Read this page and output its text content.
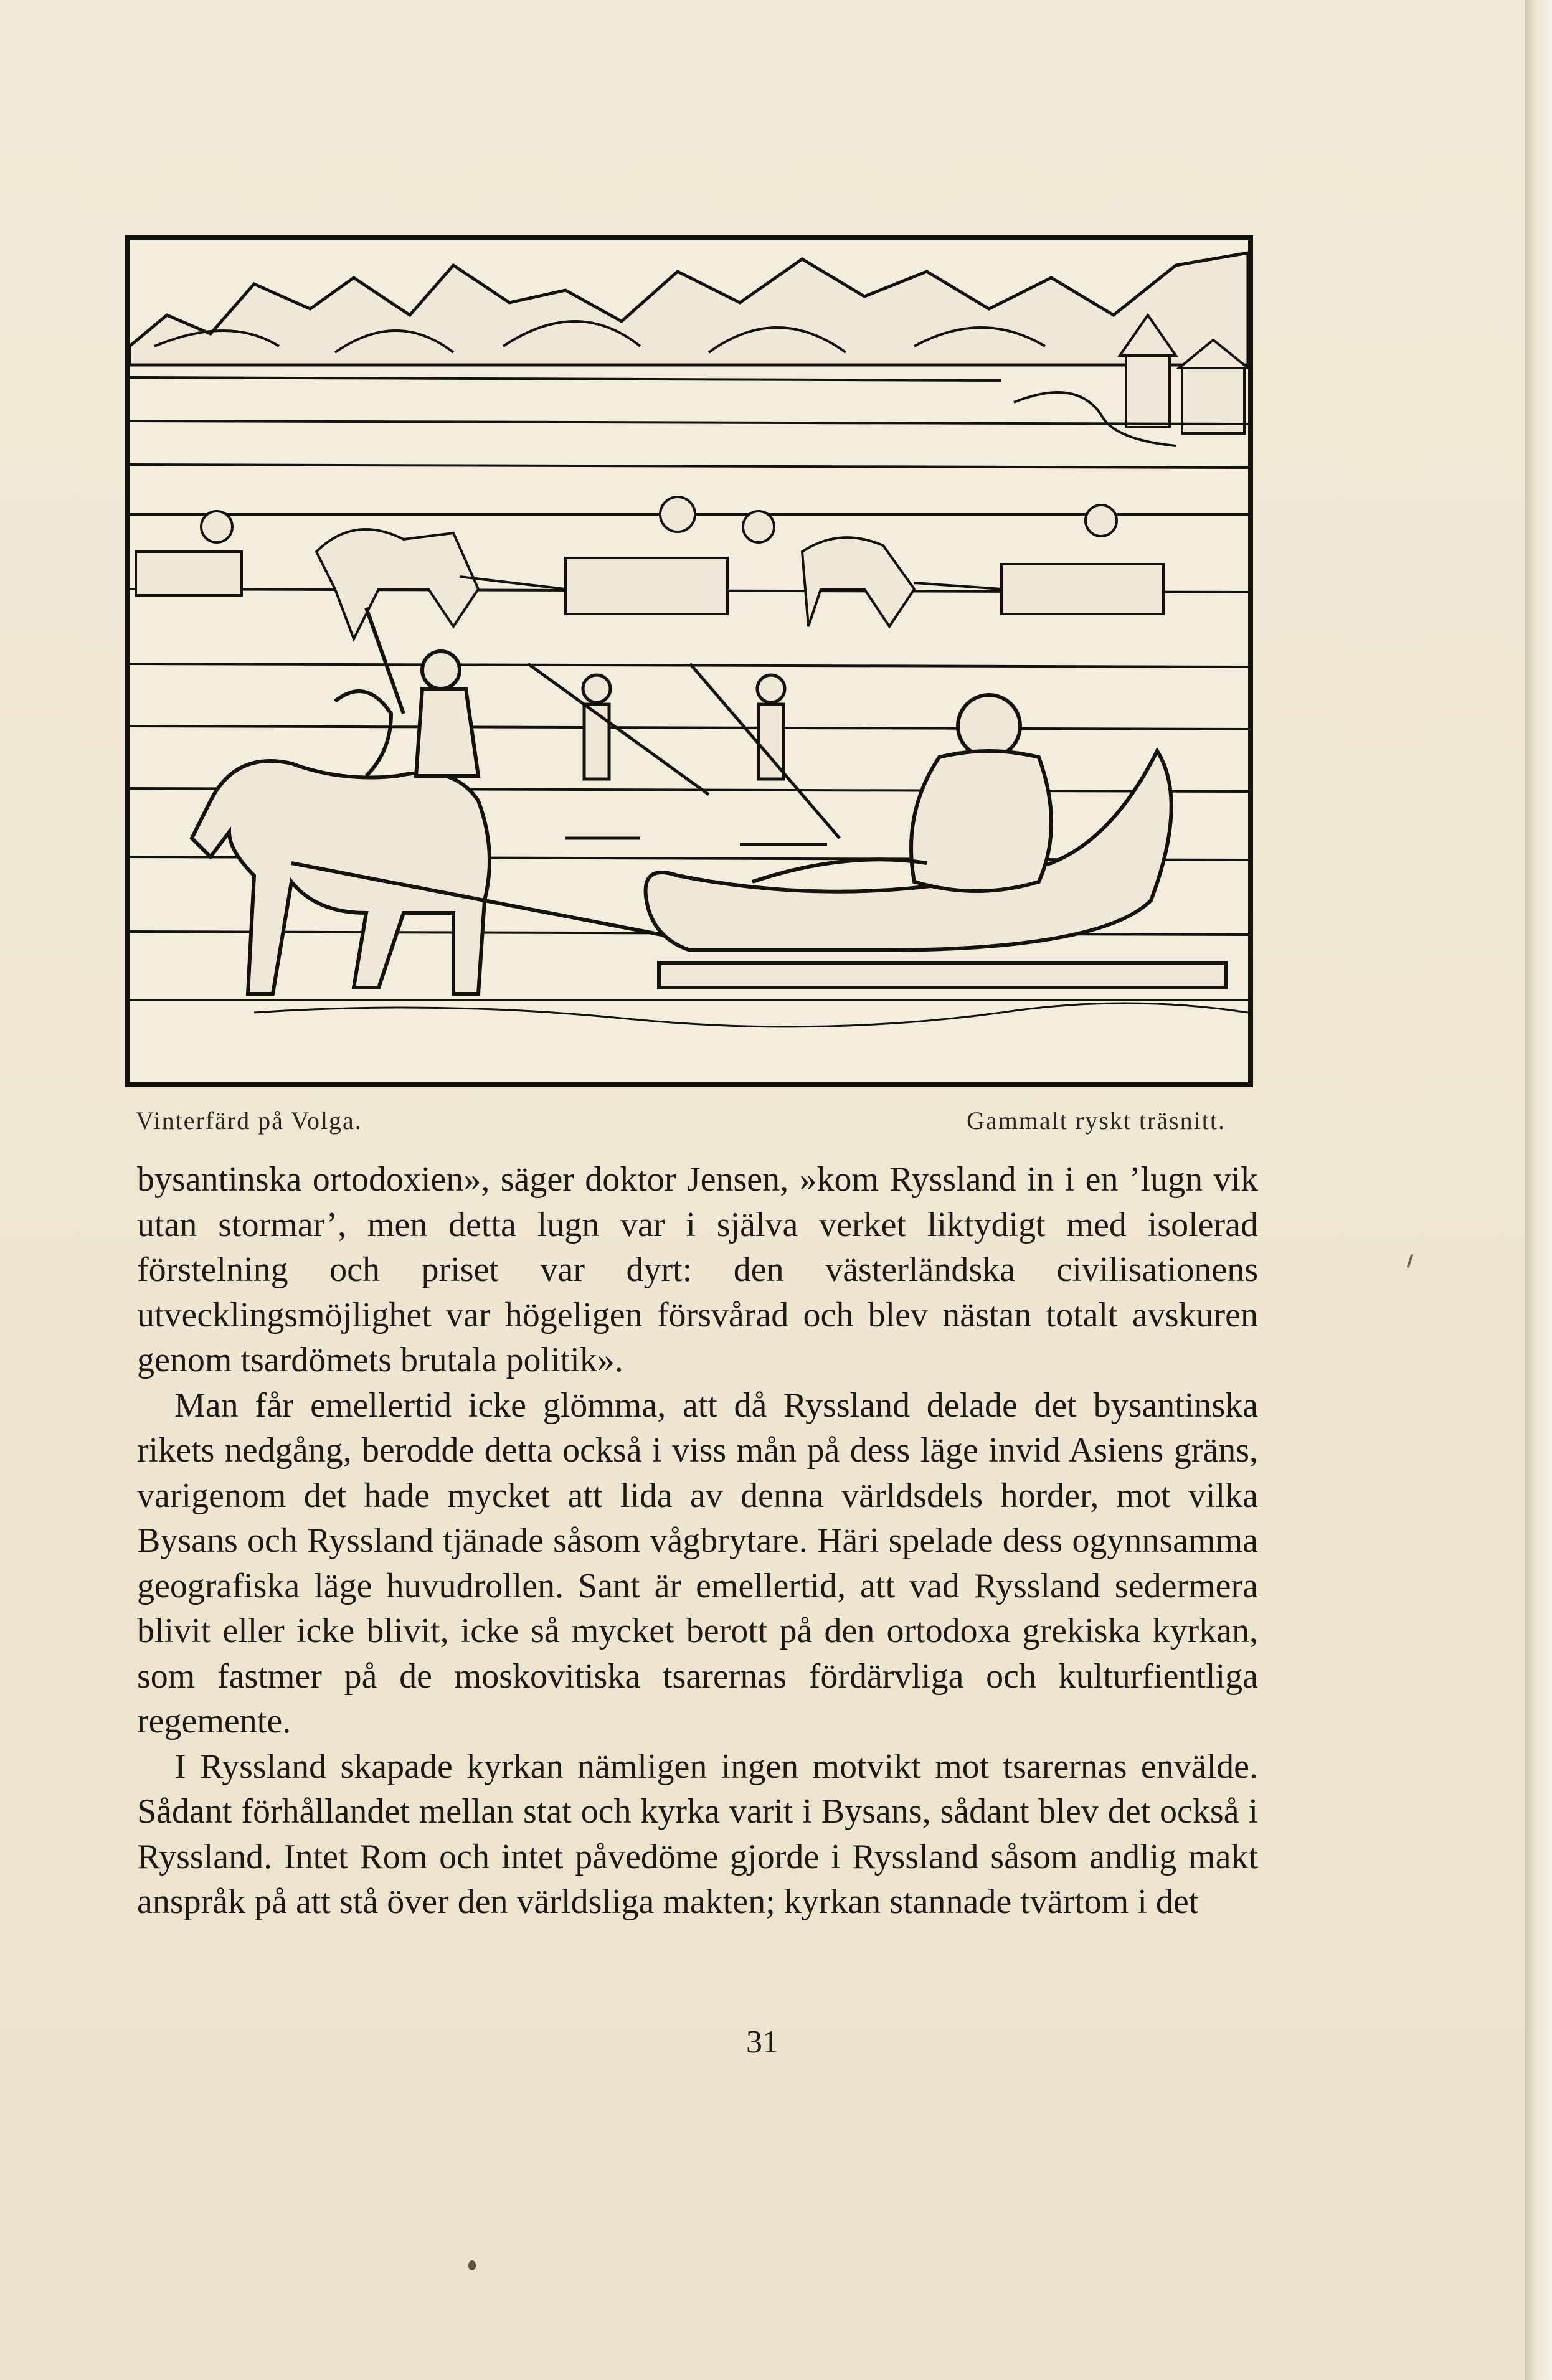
Vinterfärd på Volga.	Gammalt ryskt träsnitt.

bysantinska ortodoxien», säger doktor Jensen, »kom Ryssland in i en ’lugn vik utan stormar’, men detta lugn var i själva verket liktydigt med isolerad förstelning och priset var dyrt: den västerländska civilisationens utvecklingsmöjlighet var högeligen försvårad och blev nästan totalt avskuren genom tsardömets brutala politik».

Man får emellertid icke glömma, att då Ryssland delade det bysantinska rikets nedgång, berodde detta också i viss mån på dess läge invid Asiens gräns, varigenom det hade mycket att lida av denna världsdels horder, mot vilka Bysans och Ryssland tjänade såsom vågbrytare. Häri spelade dess ogynnsamma geografiska läge huvudrollen. Sant är emellertid, att vad Ryssland sedermera blivit eller icke blivit, icke så mycket berott på den ortodoxa grekiska kyrkan, som fastmer på de moskovitiska tsarernas fördärvliga och kulturfientliga regemente.

I Ryssland skapade kyrkan nämligen ingen motvikt mot tsarernas envälde. Sådant förhållandet mellan stat och kyrka varit i Bysans, sådant blev det också i Ryssland. Intet Rom och intet påvedöme gjorde i Ryssland såsom andlig makt anspråk på att stå över den världsliga makten; kyrkan stannade tvärtom i det

31
